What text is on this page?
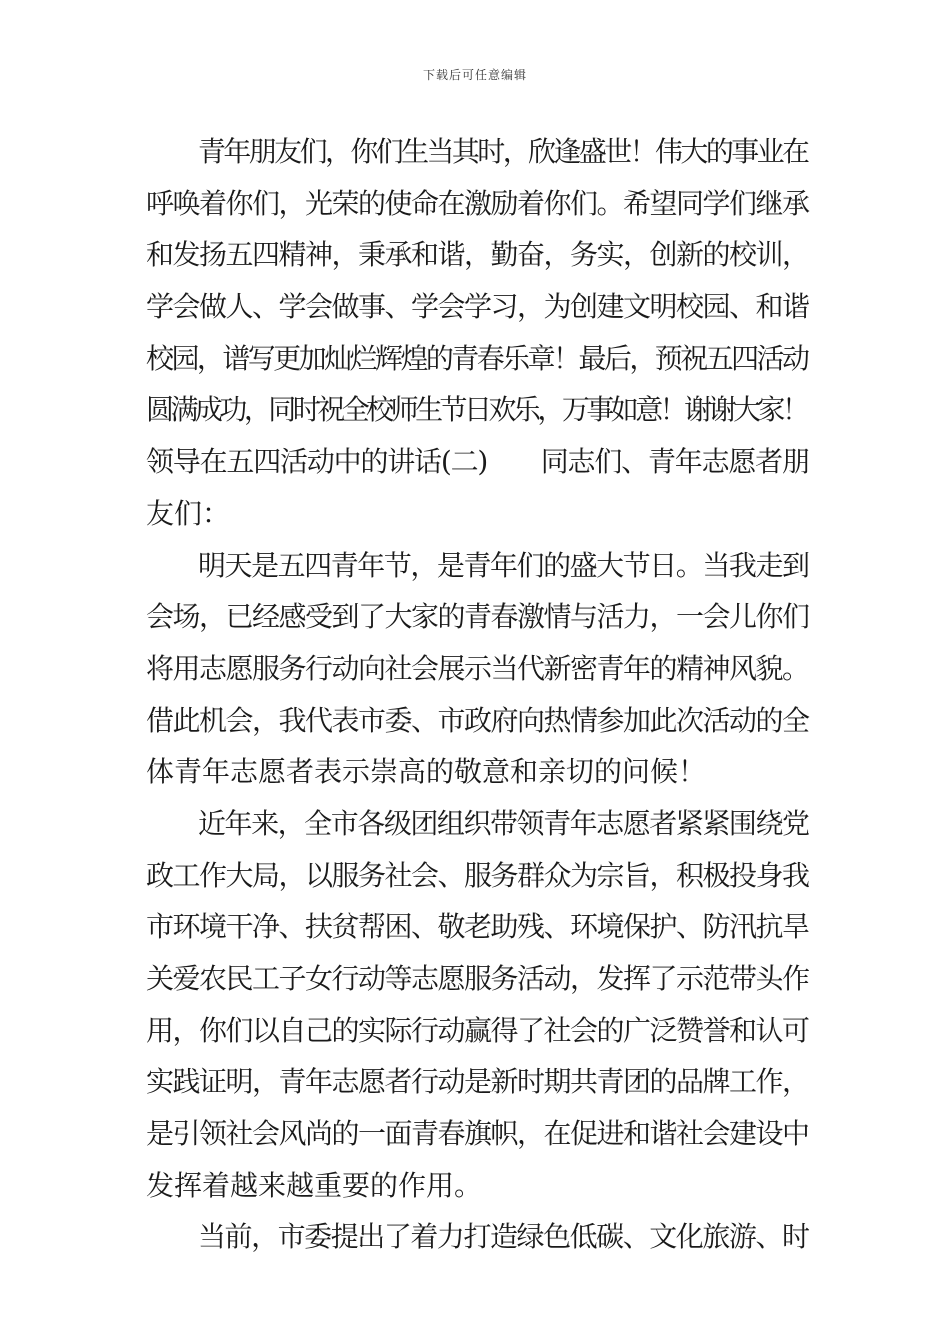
下载后可任意编辑
青年朋友们，你们生当其时，欣逢盛世！伟大的事业在
呼唤着你们，光荣的使命在激励着你们。希望同学们继承
和发扬五四精神，秉承和谐，勤奋，务实，创新的校训，
学会做人、学会做事、学会学习，为创建文明校园、和谐
校园，谱写更加灿烂辉煌的青春乐章！最后，预祝五四活动
圆满成功，同时祝全校师生节日欢乐，万事如意！谢谢大家！
领导在五四活动中的讲话(二)　　同志们、青年志愿者朋
友们：
明天是五四青年节，是青年们的盛大节日。当我走到
会场，已经感受到了大家的青春激情与活力，一会儿你们
将用志愿服务行动向社会展示当代新密青年的精神风貌。
借此机会，我代表市委、市政府向热情参加此次活动的全
体青年志愿者表示崇高的敬意和亲切的问候！
近年来，全市各级团组织带领青年志愿者紧紧围绕党
政工作大局，以服务社会、服务群众为宗旨，积极投身我
市环境干净、扶贫帮困、敬老助残、环境保护、防汛抗旱
关爱农民工子女行动等志愿服务活动，发挥了示范带头作
用，你们以自己的实际行动赢得了社会的广泛赞誉和认可
实践证明，青年志愿者行动是新时期共青团的品牌工作，
是引领社会风尚的一面青春旗帜，在促进和谐社会建设中
发挥着越来越重要的作用。
当前，市委提出了着力打造绿色低碳、文化旅游、时
